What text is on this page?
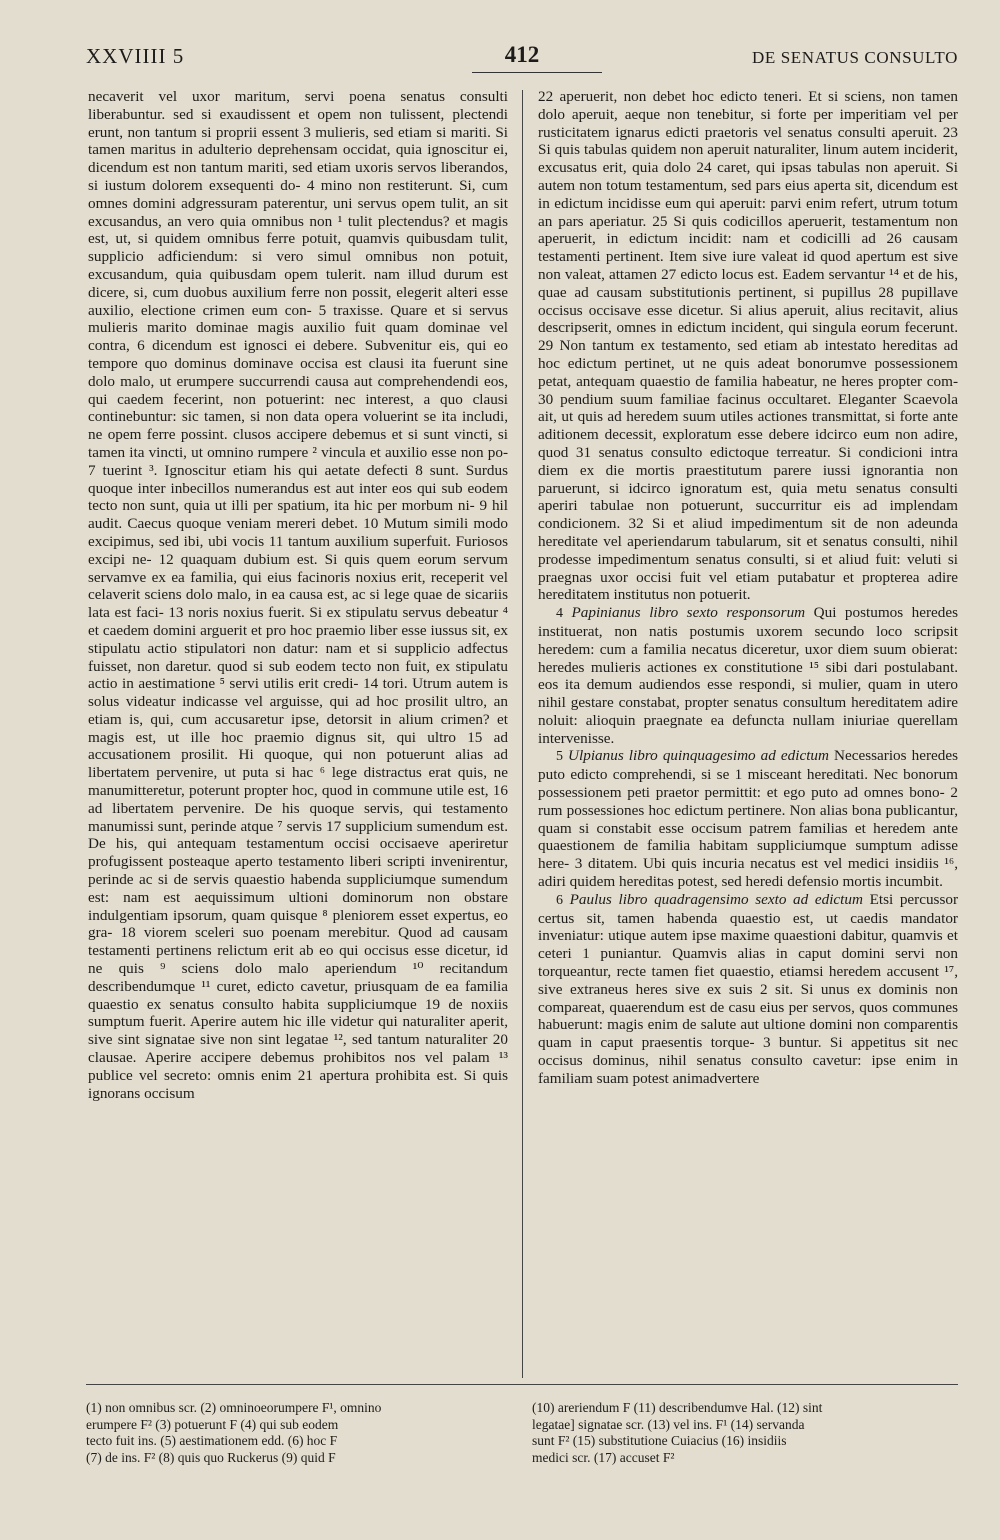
XXVIIII 5	412	DE SENATUS CONSULTO

necaverit vel uxor maritum, servi poena senatus consulti liberabuntur. sed si exaudissent et opem non tulissent, plectendi erunt, non tantum si proprii essent 3 mulieris, sed etiam si mariti. Si tamen maritus in adulterio deprehensam occidat, quia ignoscitur ei, dicendum est non tantum mariti, sed etiam uxoris servos liberandos, si iustum dolorem exsequenti do- 4 mino non restiterunt. Si, cum omnes domini adgressuram paterentur, uni servus opem tulit, an sit excusandus, an vero quia omnibus non ¹ tulit plectendus? et magis est, ut, si quidem omnibus ferre potuit, quamvis quibusdam tulit, supplicio adficiendum: si vero simul omnibus non potuit, excusandum, quia quibusdam opem tulerit. nam illud durum est dicere, si, cum duobus auxilium ferre non possit, elegerit alteri esse auxilio, electione crimen eum con- 5 traxisse. Quare et si servus mulieris marito dominae magis auxilio fuit quam dominae vel contra, 6 dicendum est ignosci ei debere. Subvenitur eis, qui eo tempore quo dominus dominave occisa est clausi ita fuerunt sine dolo malo, ut erumpere succurrendi causa aut comprehendendi eos, qui caedem fecerint, non potuerint: nec interest, a quo clausi continebuntur: sic tamen, si non data opera voluerint se ita includi, ne opem ferre possint. clusos accipere debemus et si sunt vincti, si tamen ita vincti, ut omnino rumpere ² vincula et auxilio esse non po- 7 tuerint ³. Ignoscitur etiam his qui aetate defecti 8 sunt. Surdus quoque inter inbecillos numerandus est aut inter eos qui sub eodem tecto non sunt, quia ut illi per spatium, ita hic per morbum ni- 9 hil audit. Caecus quoque veniam mereri debet. 10 Mutum simili modo excipimus, sed ibi, ubi vocis 11 tantum auxilium superfuit. Furiosos excipi ne- 12 quaquam dubium est. Si quis quem eorum servum servamve ex ea familia, qui eius facinoris noxius erit, receperit vel celaverit sciens dolo malo, in ea causa est, ac si lege quae de sicariis lata est faci- 13 noris noxius fuerit. Si ex stipulatu servus debeatur ⁴ et caedem domini arguerit et pro hoc praemio liber esse iussus sit, ex stipulatu actio stipulatori non datur: nam et si supplicio adfectus fuisset, non daretur. quod si sub eodem tecto non fuit, ex stipulatu actio in aestimatione ⁵ servi utilis erit credi- 14 tori. Utrum autem is solus videatur indicasse vel arguisse, qui ad hoc prosilit ultro, an etiam is, qui, cum accusaretur ipse, detorsit in alium crimen? et magis est, ut ille hoc praemio dignus sit, qui ultro 15 ad accusationem prosilit. Hi quoque, qui non potuerunt alias ad libertatem pervenire, ut puta si hac ⁶ lege distractus erat quis, ne manumitteretur, poterunt propter hoc, quod in commune utile est, 16 ad libertatem pervenire. De his quoque servis, qui testamento manumissi sunt, perinde atque ⁷ servis 17 supplicium sumendum est. De his, qui antequam testamentum occisi occisaeve aperiretur profugissent posteaque aperto testamento liberi scripti invenirentur, perinde ac si de servis quaestio habenda suppliciumque sumendum est: nam est aequissimum ultioni dominorum non obstare indulgentiam ipsorum, quam quisque ⁸ pleniorem esset expertus, eo gra- 18 viorem sceleri suo poenam merebitur. Quod ad causam testamenti pertinens relictum erit ab eo qui occisus esse dicetur, id ne quis ⁹ sciens dolo malo aperiendum ¹⁰ recitandum describendumque ¹¹ curet, edicto cavetur, priusquam de ea familia quaestio ex senatus consulto habita suppliciumque 19 de noxiis sumptum fuerit. Aperire autem hic ille videtur qui naturaliter aperit, sive sint signatae sive non sint legatae ¹², sed tantum naturaliter 20 clausae. Aperire accipere debemus prohibitos nos vel palam ¹³ publice vel secreto: omnis enim 21 apertura prohibita est. Si quis ignorans occisum

22 aperuerit, non debet hoc edicto teneri. Et si sciens, non tamen dolo aperuit, aeque non tenebitur, si forte per imperitiam vel per rusticitatem ignarus edicti praetoris vel senatus consulti aperuit. 23 Si quis tabulas quidem non aperuit naturaliter, linum autem inciderit, excusatus erit, quia dolo 24 caret, qui ipsas tabulas non aperuit. Si autem non totum testamentum, sed pars eius aperta sit, dicendum est in edictum incidisse eum qui aperuit: parvi enim refert, utrum totum an pars aperiatur. 25 Si quis codicillos aperuerit, testamentum non aperuerit, in edictum incidit: nam et codicilli ad 26 causam testamenti pertinent. Item sive iure valeat id quod apertum est sive non valeat, attamen 27 edicto locus est. Eadem servantur ¹⁴ et de his, quae ad causam substitutionis pertinent, si pupillus 28 pupillave occisus occisave esse dicetur. Si alius aperuit, alius recitavit, alius descripserit, omnes in edictum incident, qui singula eorum fecerunt. 29 Non tantum ex testamento, sed etiam ab intestato hereditas ad hoc edictum pertinet, ut ne quis adeat bonorumve possessionem petat, antequam quaestio de familia habeatur, ne heres propter com- 30 pendium suum familiae facinus occultaret. Eleganter Scaevola ait, ut quis ad heredem suum utiles actiones transmittat, si forte ante aditionem decessit, exploratum esse debere idcirco eum non adire, quod 31 senatus consulto edictoque terreatur. Si condicioni intra diem ex die mortis praestitutum parere iussi ignorantia non paruerunt, si idcirco ignoratum est, quia metu senatus consulti aperiri tabulae non potuerunt, succurritur eis ad implendam condicionem. 32 Si et aliud impedimentum sit de non adeunda hereditate vel aperiendarum tabularum, sit et senatus consulti, nihil prodesse impedimentum senatus consulti, si et aliud fuit: veluti si praegnas uxor occisi fuit vel etiam putabatur et propterea adire hereditatem institutus non potuerit.

4 Papinianus libro sexto responsorum Qui postumos heredes instituerat, non natis postumis uxorem secundo loco scripsit heredem: cum a familia necatus diceretur, uxor diem suum obierat: heredes mulieris actiones ex constitutione ¹⁵ sibi dari postulabant. eos ita demum audiendos esse respondi, si mulier, quam in utero nihil gestare constabat, propter senatus consultum hereditatem adire noluit: alioquin praegnate ea defuncta nullam iniuriae querellam intervenisse.

5 Ulpianus libro quinquagesimo ad edictum Necessarios heredes puto edicto comprehendi, si se 1 misceant hereditati. Nec bonorum possessionem peti praetor permittit: et ego puto ad omnes bono- 2 rum possessiones hoc edictum pertinere. Non alias bona publicantur, quam si constabit esse occisum patrem familias et heredem ante quaestionem de familia habitam suppliciumque sumptum adisse here- 3 ditatem. Ubi quis incuria necatus est vel medici insidiis ¹⁶, adiri quidem hereditas potest, sed heredi defensio mortis incumbit.

6 Paulus libro quadragensimo sexto ad edictum Etsi percussor certus sit, tamen habenda quaestio est, ut caedis mandator inveniatur: utique autem ipse maxime quaestioni dabitur, quamvis et ceteri 1 puniantur. Quamvis alias in caput domini servi non torqueantur, recte tamen fiet quaestio, etiamsi heredem accusent ¹⁷, sive extraneus heres sive ex suis 2 sit. Si unus ex dominis non compareat, quaerendum est de casu eius per servos, quos communes habuerunt: magis enim de salute aut ultione domini non comparentis quam in caput praesentis torque- 3 buntur. Si appetitus sit nec occisus dominus, nihil senatus consulto cavetur: ipse enim in familiam suam potest animadvertere

(1) non omnibus scr. (2) omninoeorumpere F¹, omnino

erumpere F² (3) potuerunt F (4) qui sub eodem

tecto fuit ins. (5) aestimationem edd. (6) hoc F

(7) de ins. F² (8) quis quo Ruckerus (9) quid F

(10) areriendum F (11) describendumve Hal. (12) sint

legatae] signatae scr. (13) vel ins. F¹ (14) servanda

sunt F² (15) substitutione Cuiacius (16) insidiis

medici scr. (17) accuset F²
